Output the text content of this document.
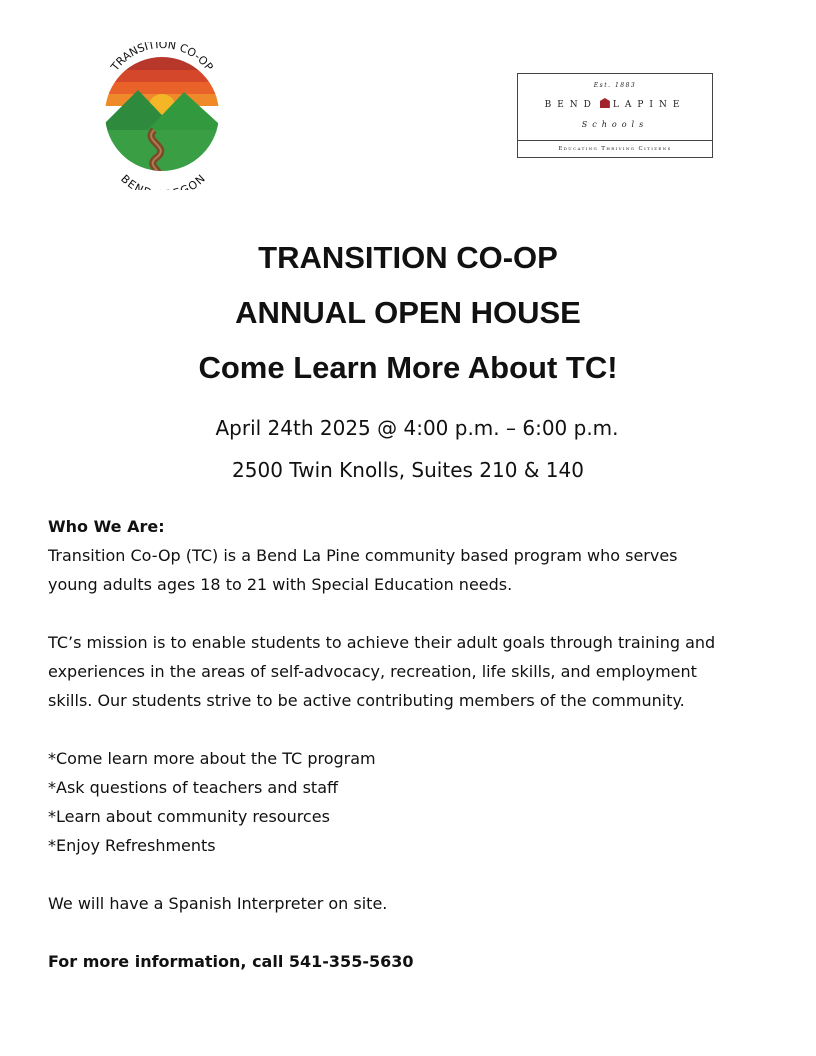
TRANSITION CO-OP
BEN ON
Est. 1883
BEND LAPINE
Schools
Educating Thriving Citizens
TRANSITION CO-OP
ANNUAL OPEN HOUSE
Come Learn More About TC!
April 24th 2025 @ 4:00 p.m. – 6:00 p.m.
2500 Twin Knolls, Suites 210 & 140
Who We Are:
Transition Co-Op (TC) is a Bend La Pine community based program who serves
young adults ages 18 to 21 with Special Education needs.
TC’s mission is to enable students to achieve their adult goals through training and
experiences in the areas of self-advocacy, recreation, life skills, and employment
skills. Our students strive to be active contributing members of the community.
*Come learn more about the TC program
*Ask questions of teachers and staff
*Learn about community resources
*Enjoy Refreshments
We will have a Spanish Interpreter on site.
For more information, call 541-355-5630
